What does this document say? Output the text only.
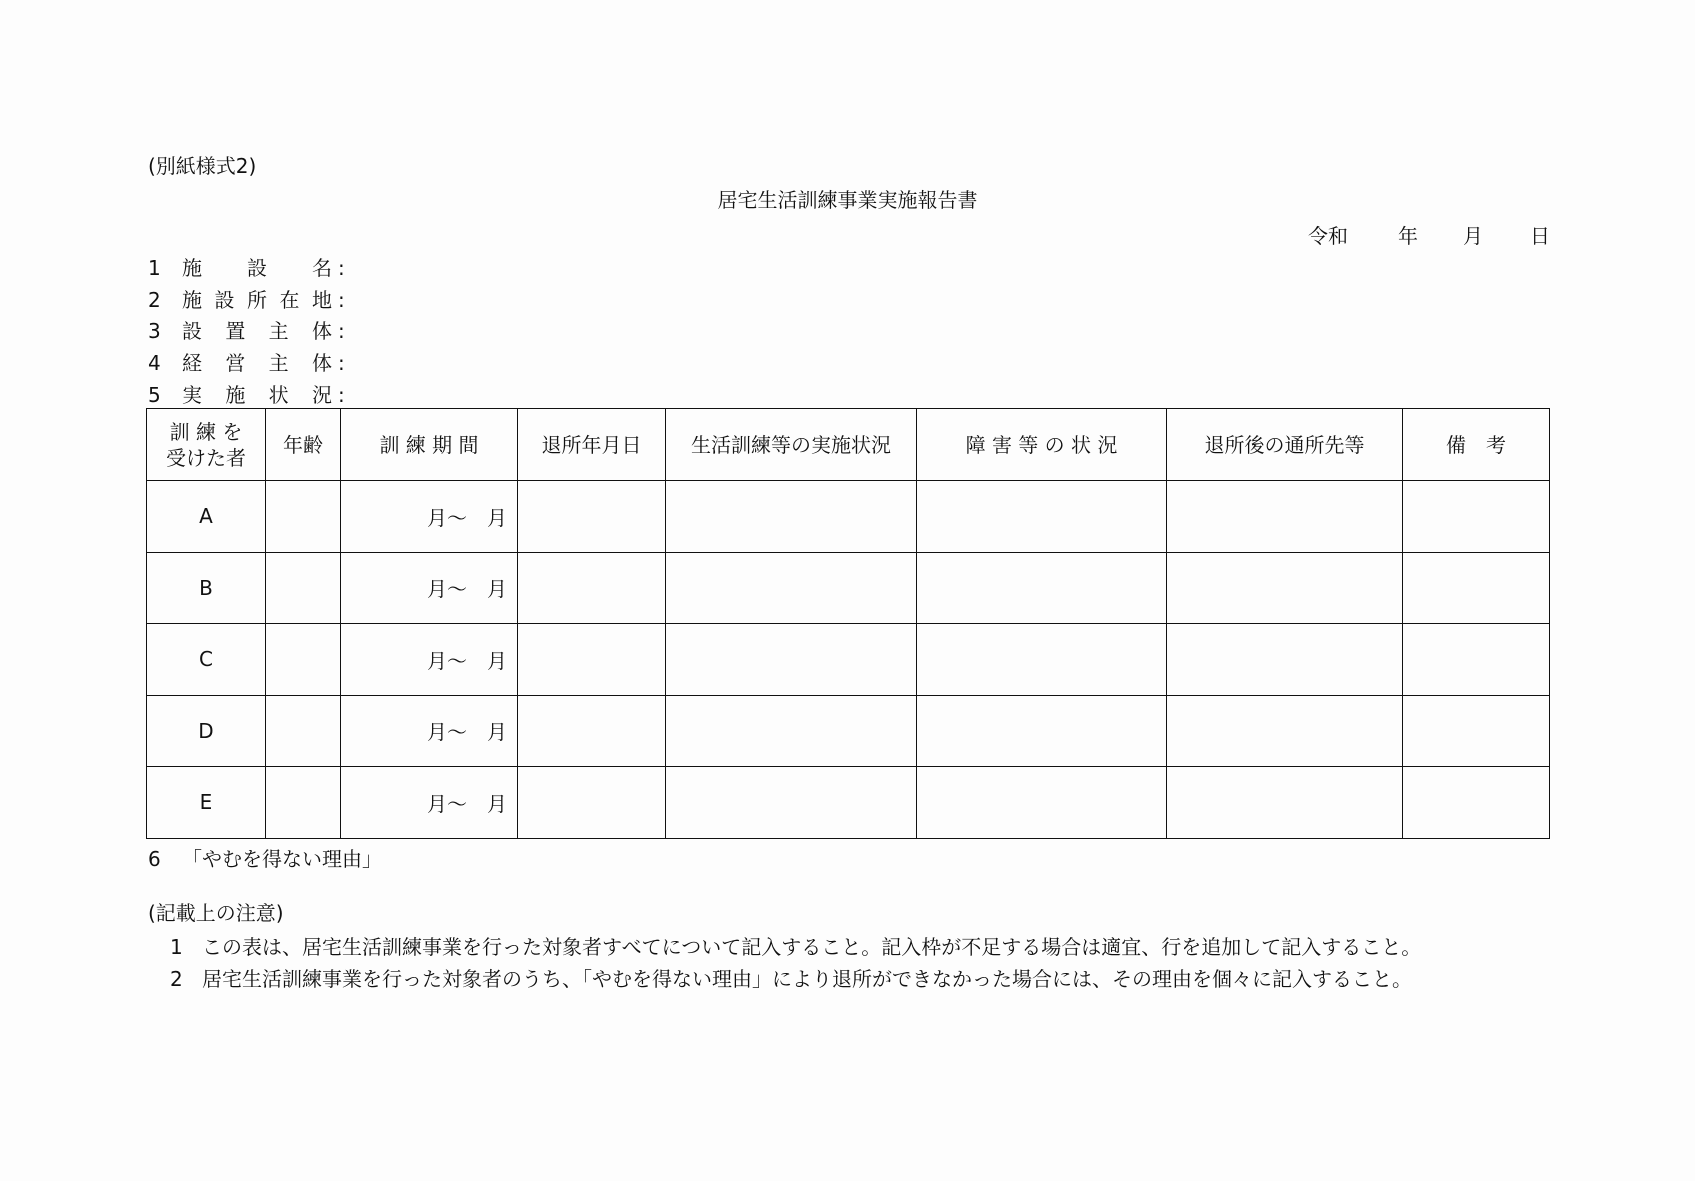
(別紙様式2)
居宅生活訓練事業実施報告書
令和	年 月 日
1	施 設 名 :
2	施 設 所 在 地 :
3	設 置 主 体 :
4	経 営 主 体 :
5	実 施 状 況 :
訓 練 を
受けた者	年齢	訓 練 期 間	退所年月日	生活訓練等の実施状況	障 害 等 の 状 況	退所後の通所先等	備　考
A		月～　月					
B		月～　月					
C		月～　月					
D		月～　月					
E		月～　月					
6 「やむを得ない理由」
(記載上の注意)
1 この表は、居宅生活訓練事業を行った対象者すべてについて記入すること。記入枠が不足する場合は適宜、行を追加して記入すること。
2 居宅生活訓練事業を行った対象者のうち、「やむを得ない理由」により退所ができなかった場合には、その理由を個々に記入すること。
